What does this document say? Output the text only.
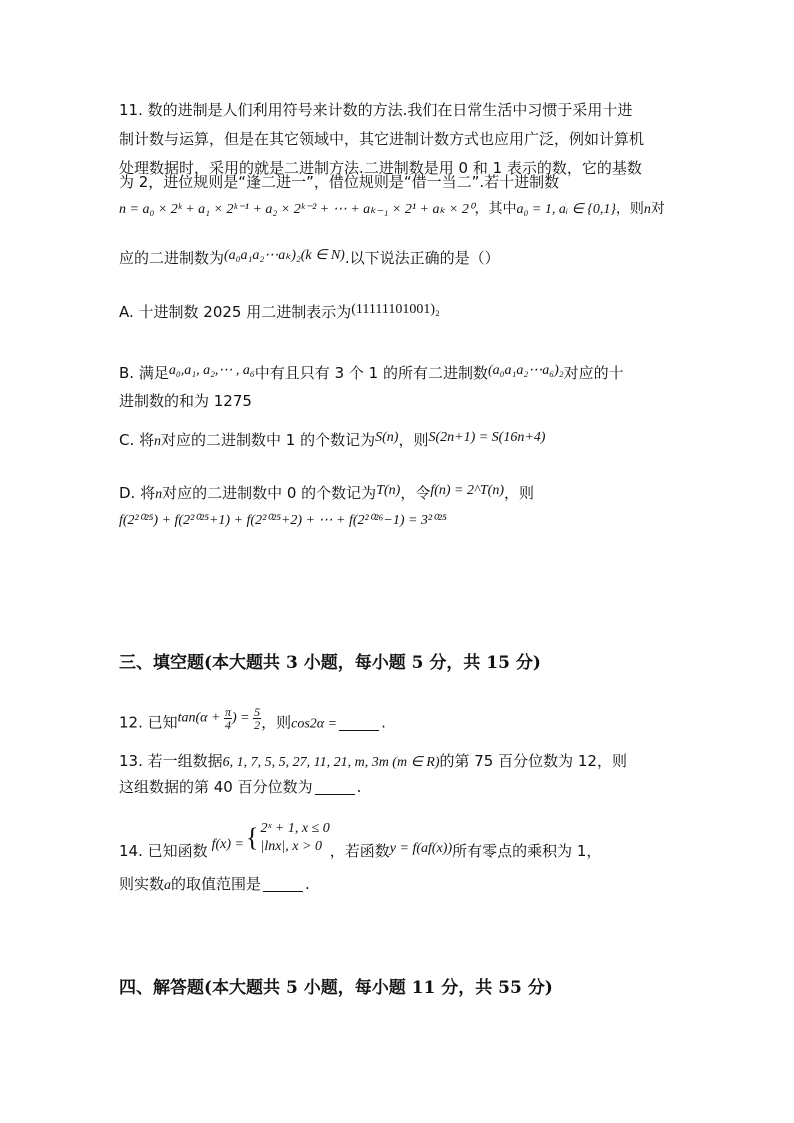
11. 数的进制是人们利用符号来计数的方法.我们在日常生活中习惯于采用十进
制计数与运算，但是在其它领域中，其它进制计数方式也应用广泛，例如计算机
处理数据时，采用的就是二进制方法.二进制数是用 0 和 1 表示的数，它的基数
为 2，进位规则是“逢二进一”，借位规则是“借一当二”.若十进制数
n = a₀ × 2ᵏ + a₁ × 2ᵏ⁻¹ + a₂ × 2ᵏ⁻² + ⋯ + aₖ₋₁ × 2¹ + aₖ × 2⁰，其中a₀ = 1, aᵢ ∈ {0,1}，则n对
应的二进制数为(a₀a₁a₂⋯aₖ)₂(k ∈ N).以下说法正确的是（）
A. 十进制数 2025 用二进制表示为(11111101001)₂
B. 满足a₀,a₁, a₂,⋯ , a₆中有且只有 3 个 1 的所有二进制数(a₀a₁a₂⋯a₆)₂对应的十
进制数的和为 1275
C. 将n对应的二进制数中 1 的个数记为S(n)，则S(2n+1) = S(16n+4)
D. 将n对应的二进制数中 0 的个数记为T(n)，令f(n) = 2^T(n)，则
f(2²⁰²⁵) + f(2²⁰²⁵+1) + f(2²⁰²⁵+2) + ⋯ + f(2²⁰²⁶−1) = 3²⁰²⁵
三、填空题(本大题共 3 小题，每小题 5 分，共 15 分)
12. 已知$\tan(\alpha + \frac{\pi}{4}$ ) = $\frac{5}{2}$ ，则cos2α =	.
13. 若一组数据6, 1, 7, 5, 5, 27, 11, 21, m, 3m (m ∈ R)的第 75 百分位数为 12，则
这组数据的第 40 百分位数为	.
14. 已知函数 f(x) ={ 2ˣ + 1, x ≤ 0
|lnx|, x > 0 ，若函数y = f(af(x))所有零点的乘积为 1，
则实数a的取值范围是	.
四、解答题(本大题共 5 小题，每小题 11 分，共 55 分)
